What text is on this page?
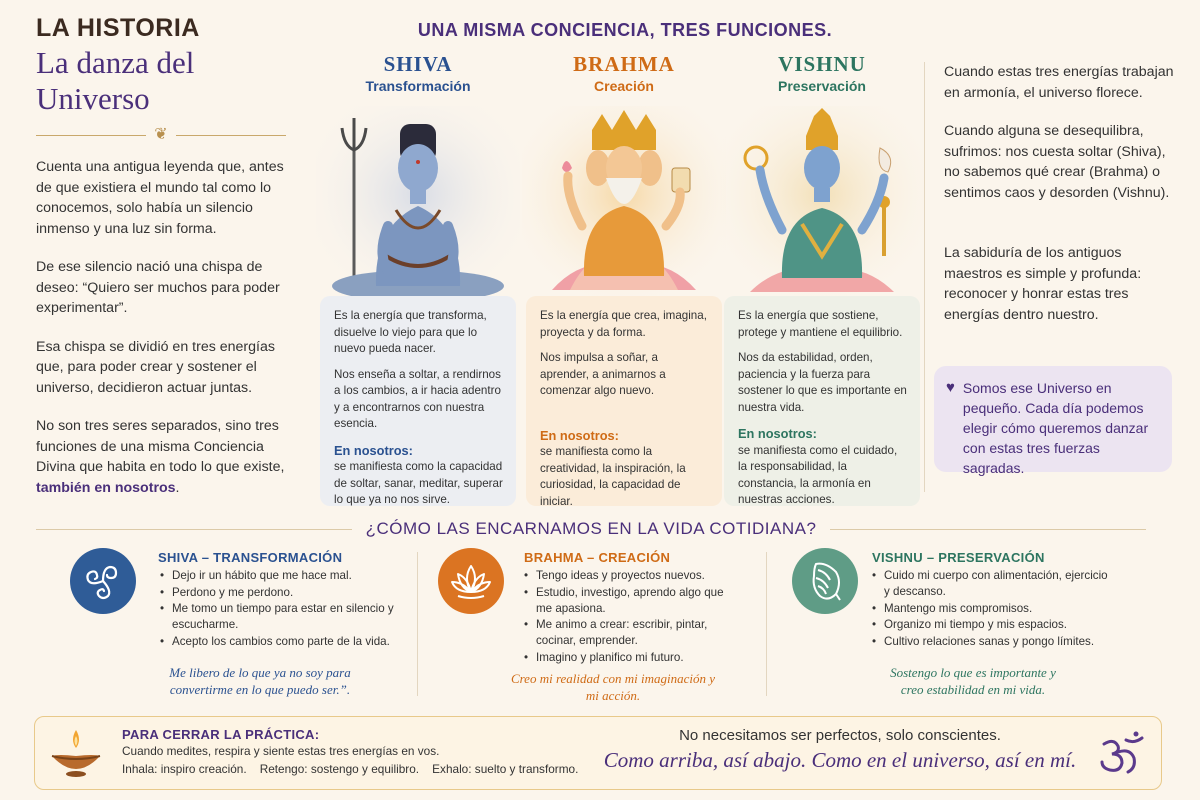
LA HISTORIA
La danza del Universo
❦

Cuenta una antigua leyenda que, antes de que existiera el mundo tal como lo conocemos, solo había un silencio inmenso y una luz sin forma.

De ese silencio nació una chispa de deseo: “Quiero ser muchos para poder experimentar”.

Esa chispa se dividió en tres energías que, para poder crear y sostener el universo, decidieron actuar juntas.

No son tres seres separados, sino tres funciones de una misma Conciencia Divina que habita en todo lo que existe, también en nosotros.

UNA MISMA CONCIENCIA, TRES FUNCIONES.
SHIVA
Transformación
BRAHMA
Creación
VISHNU
Preservación

Es la energía que transforma, disuelve lo viejo para que lo nuevo pueda nacer.

Nos enseña a soltar, a rendirnos a los cambios, a ir hacia adentro y a encontrarnos con nuestra esencia.

En nosotros:
se manifiesta como la capacidad de soltar, sanar, meditar, superar lo que ya no nos sirve.

Es la energía que crea, imagina, proyecta y da forma.

Nos impulsa a soñar, a aprender, a animarnos a comenzar algo nuevo.

En nosotros:
se manifiesta como la creatividad, la inspiración, la curiosidad, la capacidad de iniciar.

Es la energía que sostiene, protege y mantiene el equilibrio.

Nos da estabilidad, orden, paciencia y la fuerza para sostener lo que es importante en nuestra vida.

En nosotros:
se manifiesta como el cuidado, la responsabilidad, la constancia, la armonía en nuestras acciones.

Cuando estas tres energías trabajan en armonía, el universo florece.

Cuando alguna se desequilibra, sufrimos: nos cuesta soltar (Shiva), no sabemos qué crear (Brahma) o sentimos caos y desorden (Vishnu).

La sabiduría de los antiguos maestros es simple y profunda: reconocer y honrar estas tres energías dentro nuestro.

♥ Somos ese Universo en pequeño. Cada día podemos elegir cómo queremos danzar con estas tres fuerzas sagradas.
¿CÓMO LAS ENCARNAMOS EN LA VIDA COTIDIANA?
SHIVA – TRANSFORMACIÓN
• Dejo ir un hábito que me hace mal.
• Perdono y me perdono.
• Me tomo un tiempo para estar en silencio y escucharme.
• Acepto los cambios como parte de la vida.
Me libero de lo que ya no soy para convertirme en lo que puedo ser.”.
BRAHMA – CREACIÓN
• Tengo ideas y proyectos nuevos.
• Estudio, investigo, aprendo algo que me apasiona.
• Me animo a crear: escribir, pintar, cocinar, emprender.
• Imagino y planifico mi futuro.
Creo mi realidad con mi imaginación y mi acción.
VISHNU – PRESERVACIÓN
• Cuido mi cuerpo con alimentación, ejercicio y descanso.
• Mantengo mis compromisos.
• Organizo mi tiempo y mis espacios.
• Cultivo relaciones sanas y pongo límites.
Sostengo lo que es importante y creo estabilidad en mi vida.
PARA CERRAR LA PRÁCTICA:
Cuando medites, respira y siente estas tres energías en vos.
Inhala: inspiro creación.    Retengo: sostengo y equilibro.    Exhalo: suelto y transformo.
No necesitamos ser perfectos, solo conscientes.
Como arriba, así abajo. Como en el universo, así en mí.
